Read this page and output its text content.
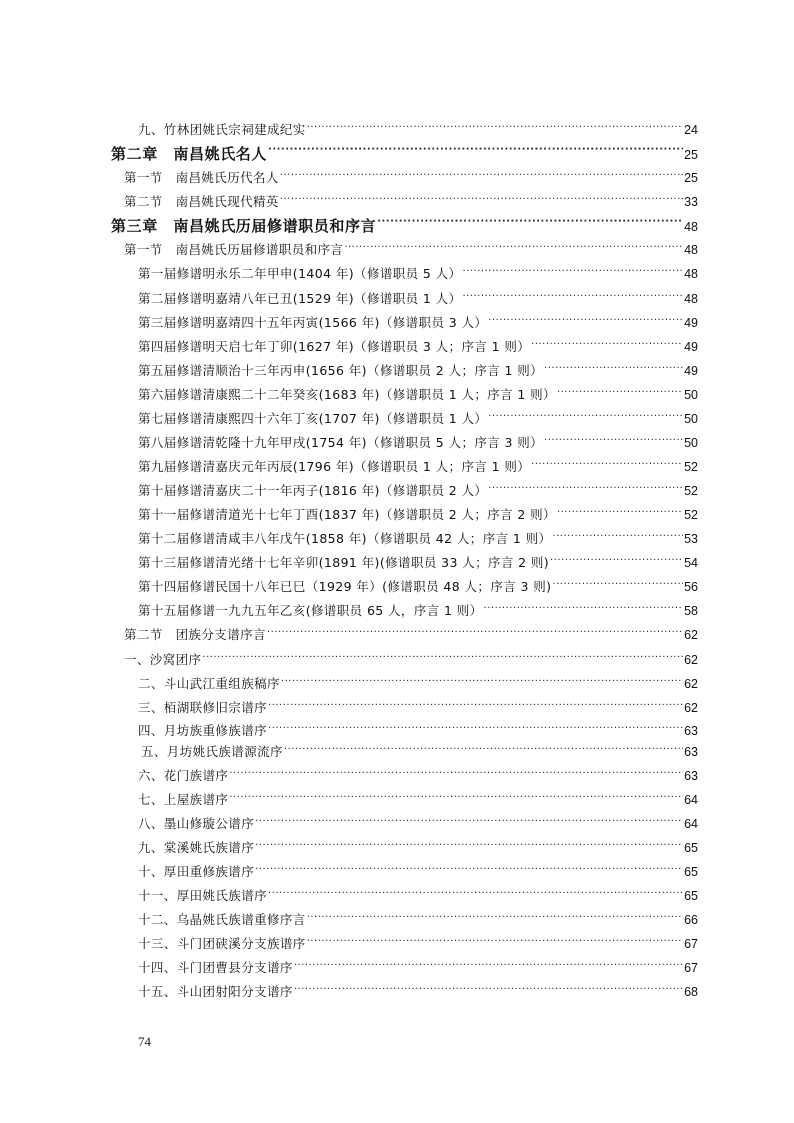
九、竹林团姚氏宗祠建成纪实 ·····	24
第二章　南昌姚氏名人 ·····	25
第一节　南昌姚氏历代名人 ·····	25
第二节　南昌姚氏现代精英 ·····	33
第三章　南昌姚氏历届修谱职员和序言 ·····	48
第一节　南昌姚氏历届修谱职员和序言 ·····	48
第一届修谱明永乐二年甲申(1404 年)（修谱职员 5 人） ·····	48
第二届修谱明嘉靖八年已丑(1529 年)（修谱职员 1 人） ·····	48
第三届修谱明嘉靖四十五年丙寅(1566 年)（修谱职员 3 人） ·····	49
第四届修谱明天启七年丁卯(1627 年)（修谱职员 3 人；序言 1 则） ·····	49
第五届修谱清顺治十三年丙申(1656 年)（修谱职员 2 人；序言 1 则） ·····	49
第六届修谱清康熙二十二年癸亥(1683 年)（修谱职员 1 人；序言 1 则） ·····	50
第七届修谱清康熙四十六年丁亥(1707 年)（修谱职员 1 人） ·····	50
第八届修谱清乾隆十九年甲戌(1754 年)（修谱职员 5 人；序言 3 则） ·····	50
第九届修谱清嘉庆元年丙辰(1796 年)（修谱职员 1 人；序言 1 则） ·····	52
第十届修谱清嘉庆二十一年丙子(1816 年)（修谱职员 2 人） ·····	52
第十一届修谱清道光十七年丁酉(1837 年)（修谱职员 2 人；序言 2 则） ·····	52
第十二届修谱清咸丰八年戊午(1858 年)（修谱职员 42 人；序言 1 则） ·····	53
第十三届修谱清光绪十七年辛卯(1891 年)(修谱职员 33 人；序言 2 则) ·····	54
第十四届修谱民国十八年已巳（1929 年）(修谱职员 48 人；序言 3 则) ·····	56
第十五届修谱一九九五年乙亥(修谱职员 65 人，序言 1 则） ·····	58
第二节　团族分支谱序言 ·····	62
一、沙窝团序 ·····	62
二、斗山武江重组族稿序 ·····	62
三、栢湖联修旧宗谱序 ·····	62
四、月坊族重修族谱序 ·····	63
五、月坊姚氏族谱源流序 ·····	63
六、花门族谱序 ·····	63
七、上屋族谱序 ·····	64
八、墨山修璇公谱序 ·····	64
九、棠溪姚氏族谱序 ·····	65
十、厚田重修族谱序 ·····	65
十一、厚田姚氏族谱序 ·····	65
十二、乌晶姚氏族谱重修序言 ·····	66
十三、斗门团硖溪分支族谱序 ·····	67
十四、斗门团曹县分支谱序 ·····	67
十五、斗山团射阳分支谱序 ·····	68
74
